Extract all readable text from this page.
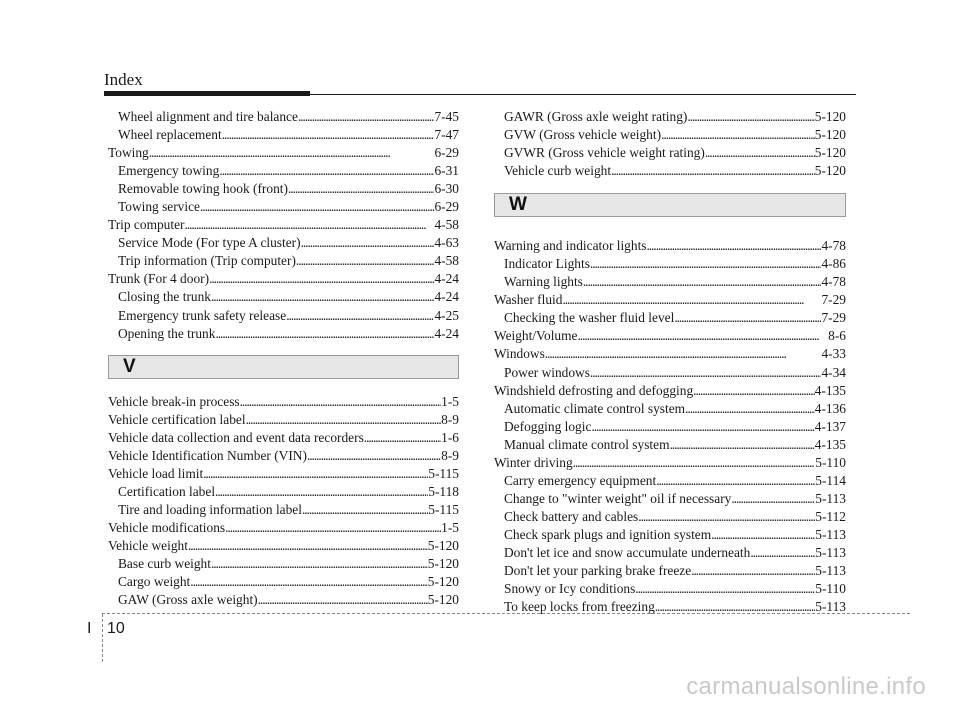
Index
Wheel alignment and tire balance . . .	7-45
Wheel replacement . . .	7-47
Towing . . .	6-29
Emergency towing . . .	6-31
Removable towing hook (front) . . .	6-30
Towing service . . .	6-29
Trip computer . . .	4-58
Service Mode (For type A cluster) . . .	4-63
Trip information (Trip computer) . . .	4-58
Trunk (For 4 door) . . .	4-24
Closing the trunk . . .	4-24
Emergency trunk safety release . . .	4-25
Opening the trunk . . .	4-24
V
Vehicle break-in process . . .	1-5
Vehicle certification label . . .	8-9
Vehicle data collection and event data recorders . . .	1-6
Vehicle Identification Number (VIN) . . .	8-9
Vehicle load limit . . .	5-115
Certification label . . .	5-118
Tire and loading information label . . .	5-115
Vehicle modifications . . .	1-5
Vehicle weight . . .	5-120
Base curb weight . . .	5-120
Cargo weight . . .	5-120
GAW (Gross axle weight) . . .	5-120
GAWR (Gross axle weight rating) . . .	5-120
GVW (Gross vehicle weight) . . .	5-120
GVWR (Gross vehicle weight rating) . . .	5-120
Vehicle curb weight . . .	5-120
W
Warning and indicator lights . . .	4-78
Indicator Lights . . .	4-86
Warning lights . . .	4-78
Washer fluid . . .	7-29
Checking the washer fluid level . . .	7-29
Weight/Volume . . .	8-6
Windows . . .	4-33
Power windows . . .	4-34
Windshield defrosting and defogging . . .	4-135
Automatic climate control system . . .	4-136
Defogging logic . . .	4-137
Manual climate control system . . .	4-135
Winter driving . . .	5-110
Carry emergency equipment . . .	5-114
Change to "winter weight" oil if necessary . . .	5-113
Check battery and cables . . .	5-112
Check spark plugs and ignition system . . .	5-113
Don't let ice and snow accumulate underneath . . .	5-113
Don't let your parking brake freeze . . .	5-113
Snowy or Icy conditions . . .	5-110
To keep locks from freezing . . .	5-113
I 10
carmanualsonline.info
